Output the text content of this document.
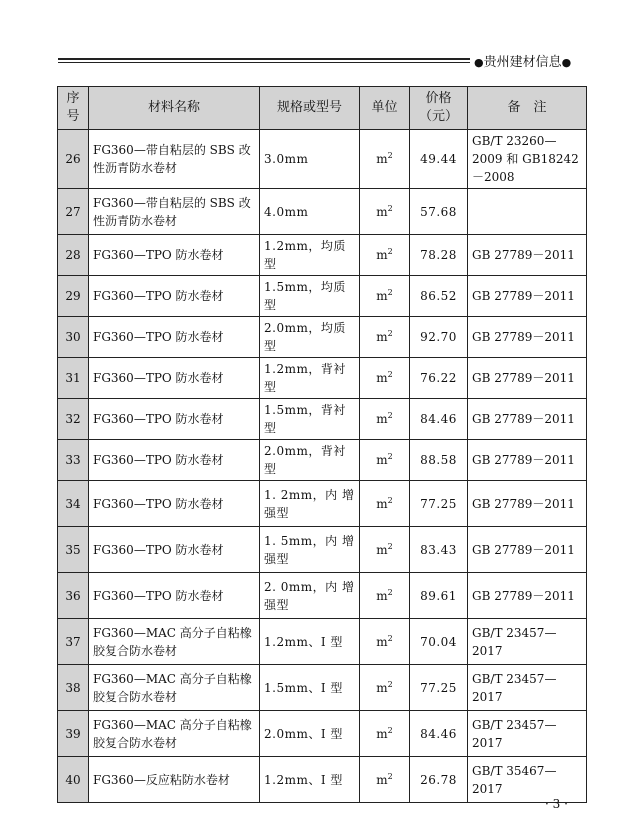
●贵州建材信息●
序号	材料名称	规格或型号	单位	价格（元）	备　注
26	FG360—带自粘层的 SBS 改性沥青防水卷材	3.0mm	$m^2$	49.44	GB/T 23260—2009 和 GB18242－2008
27	FG360—带自粘层的 SBS 改性沥青防水卷材	4.0mm	$m^2$	57.68	
28	FG360—TPO 防水卷材	1.2mm，均质型	$m^2$	78.28	GB 27789－2011
29	FG360—TPO 防水卷材	1.5mm，均质型	$m^2$	86.52	GB 27789－2011
30	FG360—TPO 防水卷材	2.0mm，均质型	$m^2$	92.70	GB 27789－2011
31	FG360—TPO 防水卷材	1.2mm，背衬型	$m^2$	76.22	GB 27789－2011
32	FG360—TPO 防水卷材	1.5mm，背衬型	$m^2$	84.46	GB 27789－2011
33	FG360—TPO 防水卷材	2.0mm，背衬型	$m^2$	88.58	GB 27789－2011
34	FG360—TPO 防水卷材	1. 2mm，内 增强型	$m^2$	77.25	GB 27789－2011
35	FG360—TPO 防水卷材	1. 5mm，内 增强型	$m^2$	83.43	GB 27789－2011
36	FG360—TPO 防水卷材	2. 0mm，内 增强型	$m^2$	89.61	GB 27789－2011
37	FG360—MAC 高分子自粘橡胶复合防水卷材	1.2mm、I 型	$m^2$	70.04	GB/T 23457—2017
38	FG360—MAC 高分子自粘橡胶复合防水卷材	1.5mm、I 型	$m^2$	77.25	GB/T 23457—2017
39	FG360—MAC 高分子自粘橡胶复合防水卷材	2.0mm、I 型	$m^2$	84.46	GB/T 23457—2017
40	FG360—反应粘防水卷材	1.2mm、I 型	$m^2$	26.78	GB/T 35467—2017
· 3 ·
